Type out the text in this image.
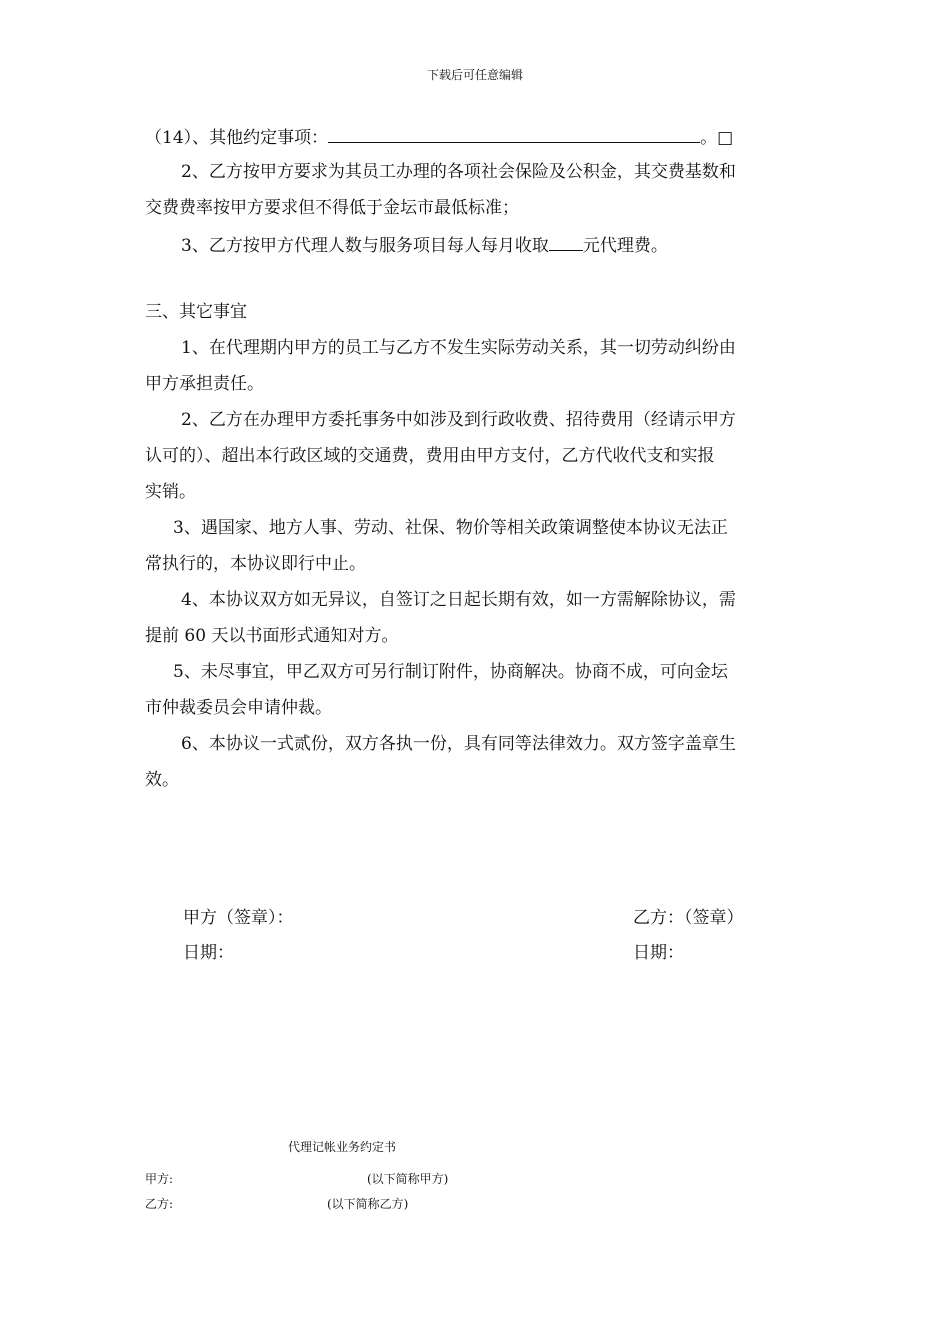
下载后可任意编辑
（14）、其他约定事项：	。□
2、乙方按甲方要求为其员工办理的各项社会保险及公积金，其交费基数和
交费费率按甲方要求但不得低于金坛市最低标准；
3、乙方按甲方代理人数与服务项目每人每月收取 元代理费。
三、其它事宜
1、在代理期内甲方的员工与乙方不发生实际劳动关系，其一切劳动纠纷由
甲方承担责任。
2、乙方在办理甲方委托事务中如涉及到行政收费、招待费用（经请示甲方
认可的）、超出本行政区域的交通费，费用由甲方支付，乙方代收代支和实报
实销。
3、遇国家、地方人事、劳动、社保、物价等相关政策调整使本协议无法正
常执行的，本协议即行中止。
4、本协议双方如无异议，自签订之日起长期有效，如一方需解除协议，需
提前 60 天以书面形式通知对方。
5、未尽事宜，甲乙双方可另行制订附件，协商解决。协商不成，可向金坛
市仲裁委员会申请仲裁。
6、本协议一式贰份，双方各执一份，具有同等法律效力。双方签字盖章生
效。
甲方（签章）：
日期：
乙方：（签章）
日期：
代理记帐业务约定书
甲方:	(以下简称甲方)
乙方:	(以下简称乙方)
